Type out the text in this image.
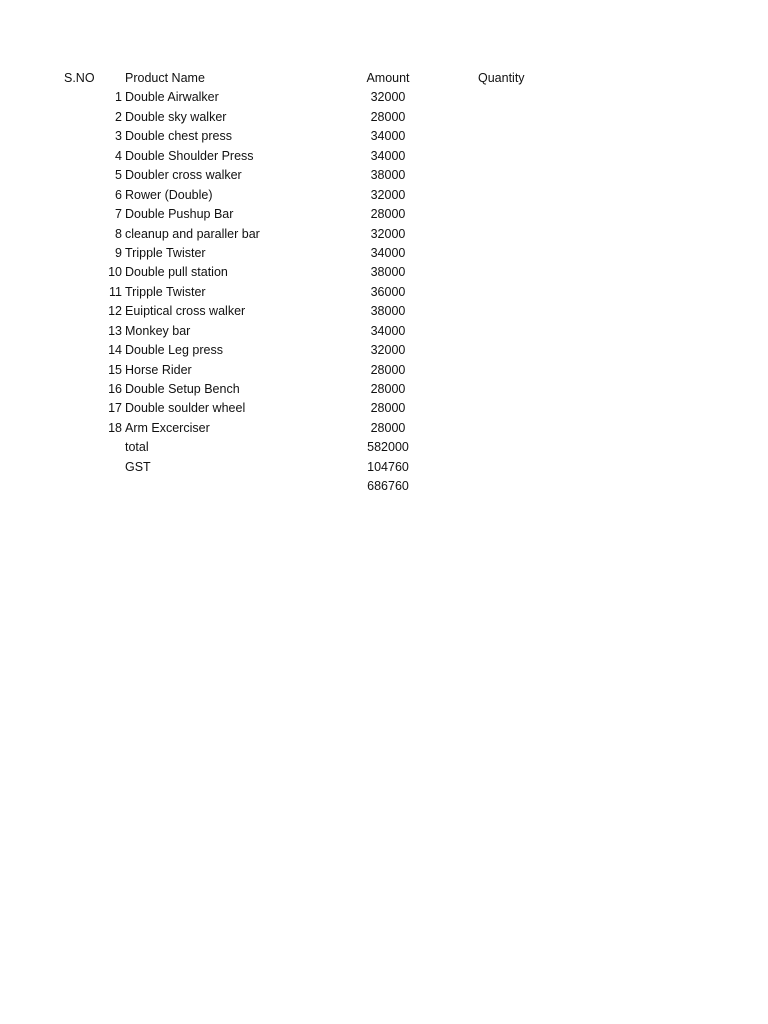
S.NO	Product Name	Amount	Quantity
1 Double Airwalker	32000
2 Double sky walker	28000
3 Double chest press	34000
4 Double Shoulder Press	34000
5 Doubler cross walker	38000
6 Rower (Double)	32000
7 Double Pushup Bar	28000
8 cleanup and paraller bar	32000
9 Tripple Twister	34000
10 Double pull station	38000
11 Tripple Twister	36000
12 Euiptical cross walker	38000
13 Monkey bar	34000
14 Double Leg press	32000
15 Horse Rider	28000
16 Double Setup Bench	28000
17 Double soulder wheel	28000
18 Arm Excerciser	28000
total	582000
GST	104760
686760
